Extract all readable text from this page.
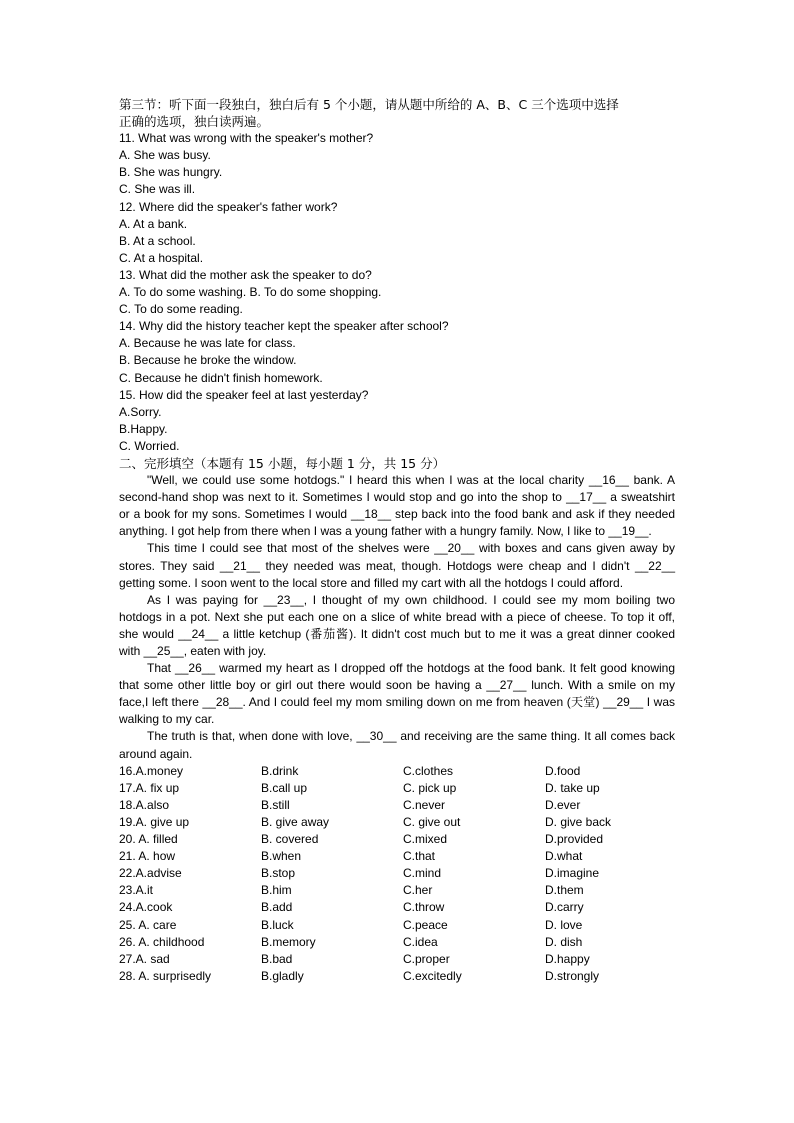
第三节：听下面一段独白，独白后有 5 个小题，请从题中所给的 A、B、C 三个选项中选择
正确的选项，独白读两遍。
11. What was wrong with the speaker's mother?
A. She was busy.
B. She was hungry.
C. She was ill.
12. Where did the speaker's father work?
A. At a bank.
B. At a school.
C. At a hospital.
13. What did the mother ask the speaker to do?
A. To do some washing. B. To do some shopping.
C. To do some reading.
14. Why did the history teacher kept the speaker after school?
A. Because he was late for class.
B. Because he broke the window.
C. Because he didn't finish homework.
15. How did the speaker feel at last yesterday?
A.Sorry.
B.Happy.
C. Worried.
二、完形填空（本题有 15 小题，每小题 1 分，共 15 分）

"Well, we could use some hotdogs." I heard this when I was at the local charity __16__ bank. A second-hand shop was next to it. Sometimes I would stop and go into the shop to __17__ a sweatshirt or a book for my sons. Sometimes I would __18__ step back into the food bank and ask if they needed anything. I got help from there when I was a young father with a hungry family. Now, I like to __19__.

This time I could see that most of the shelves were __20__ with boxes and cans given away by stores. They said __21__ they needed was meat, though. Hotdogs were cheap and I didn't __22__ getting some. I soon went to the local store and filled my cart with all the hotdogs I could afford.

As I was paying for __23__, I thought of my own childhood. I could see my mom boiling two hotdogs in a pot. Next she put each one on a slice of white bread with a piece of cheese. To top it off, she would __24__ a little ketchup (番茄酱). It didn't cost much but to me it was a great dinner cooked with __25__, eaten with joy.

That __26__ warmed my heart as I dropped off the hotdogs at the food bank. It felt good knowing that some other little boy or girl out there would soon be having a __27__ lunch. With a smile on my face,I left there __28__. And I could feel my mom smiling down on me from heaven (天堂) __29__ I was walking to my car.

The truth is that, when done with love, __30__ and receiving are the same thing. It all comes back around again.

16.A.money	B.drink	C.clothes	D.food
17.A. fix up	B.call up	C. pick up	D. take up
18.A.also	B.still	C.never	D.ever
19.A. give up	B. give away	C. give out	D. give back
20. A. filled	B. covered	C.mixed	D.provided
21. A. how	B.when	C.that	D.what
22.A.advise	B.stop	C.mind	D.imagine
23.A.it	B.him	C.her	D.them
24.A.cook	B.add	C.throw	D.carry
25. A. care	B.luck	C.peace	D. love
26. A. childhood	B.memory	C.idea	D. dish
27.A. sad	B.bad	C.proper	D.happy
28. A. surprisedly	B.gladly	C.excitedly	D.strongly
